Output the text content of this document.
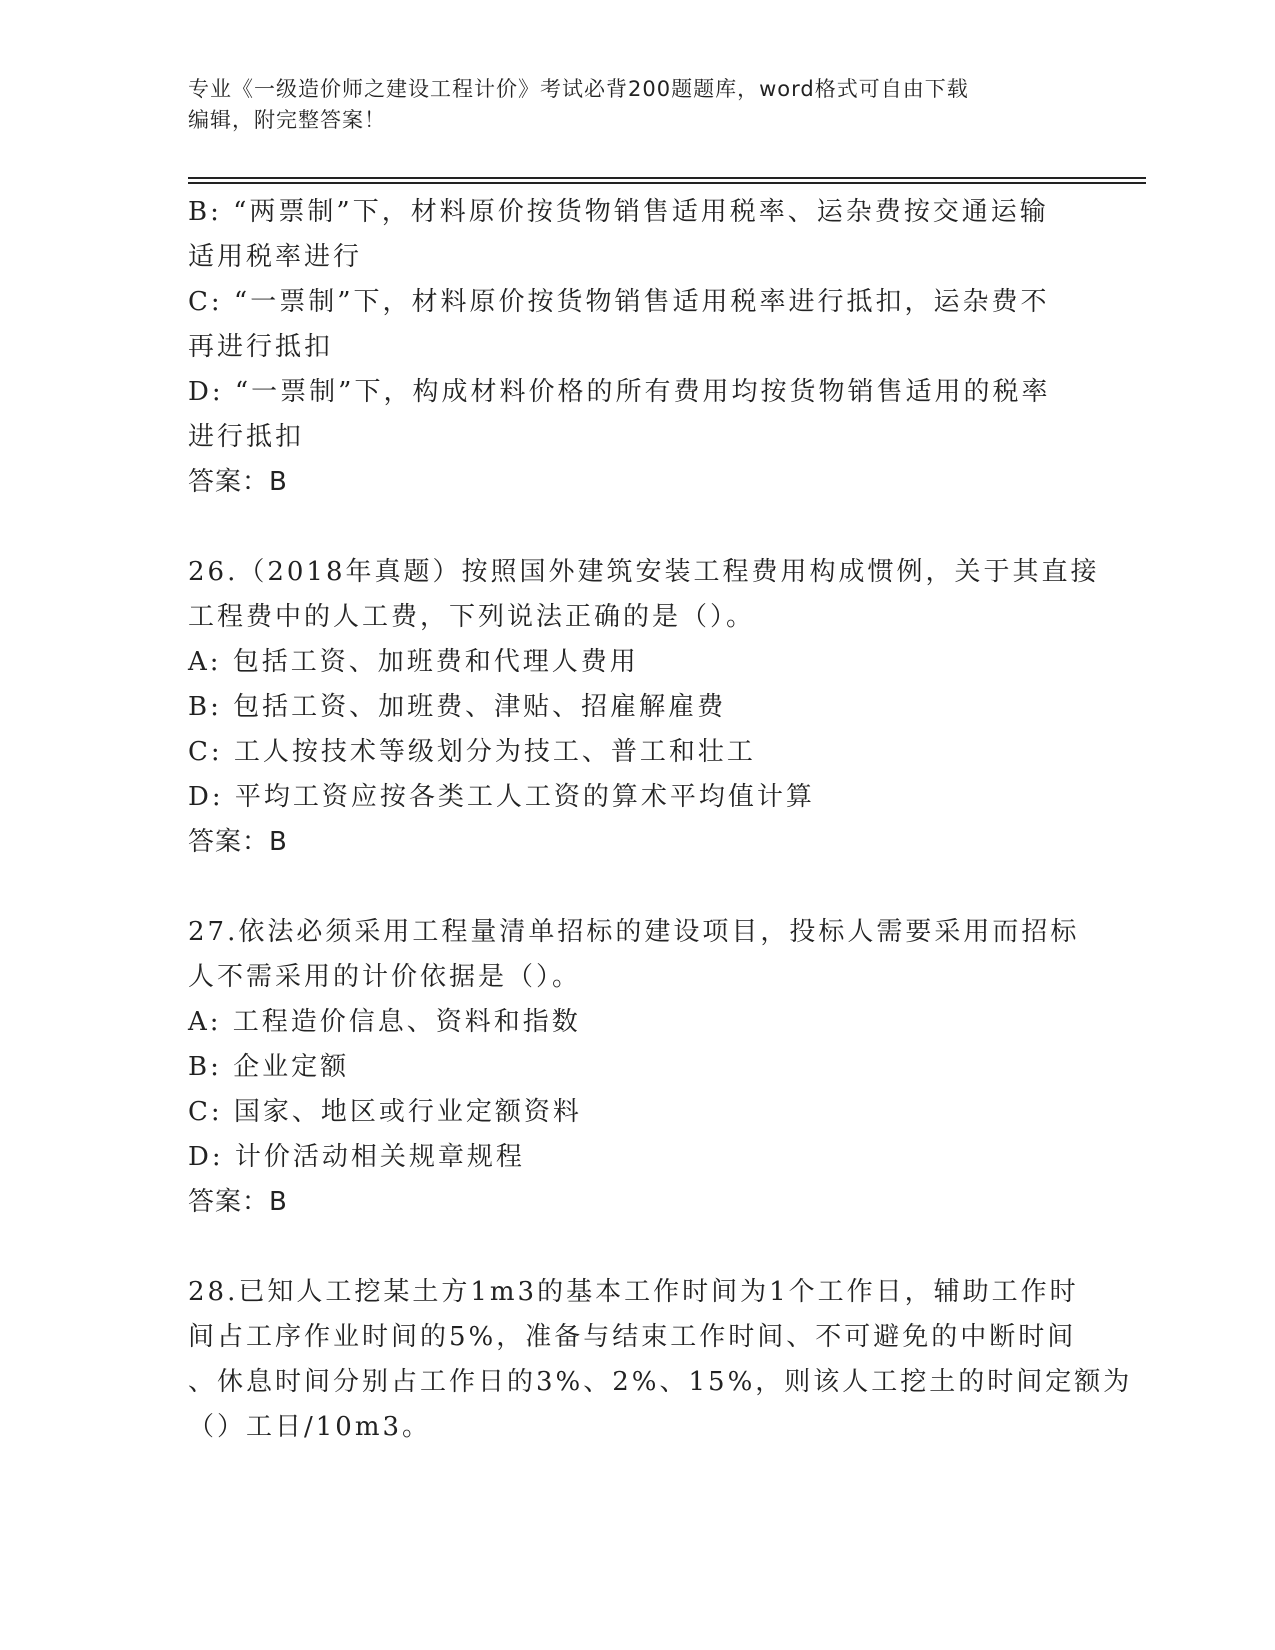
专业《一级造价师之建设工程计价》考试必背200题题库，word格式可自由下载
编辑，附完整答案！
B: “两票制”下，材料原价按货物销售适用税率、运杂费按交通运输
适用税率进行
C: “一票制”下，材料原价按货物销售适用税率进行抵扣，运杂费不
再进行抵扣
D: “一票制”下，构成材料价格的所有费用均按货物销售适用的税率
进行抵扣
答案：B
26.（2018年真题）按照国外建筑安装工程费用构成惯例，关于其直接
工程费中的人工费，下列说法正确的是（）。
A: 包括工资、加班费和代理人费用
B: 包括工资、加班费、津贴、招雇解雇费
C: 工人按技术等级划分为技工、普工和壮工
D: 平均工资应按各类工人工资的算术平均值计算
答案：B
27.依法必须采用工程量清单招标的建设项目，投标人需要采用而招标
人不需采用的计价依据是（）。
A: 工程造价信息、资料和指数
B: 企业定额
C: 国家、地区或行业定额资料
D: 计价活动相关规章规程
答案：B
28.已知人工挖某土方1m3的基本工作时间为1个工作日，辅助工作时
间占工序作业时间的5%，准备与结束工作时间、不可避免的中断时间
、休息时间分别占工作日的3%、2%、15%，则该人工挖土的时间定额为
（）工日/10m3。
